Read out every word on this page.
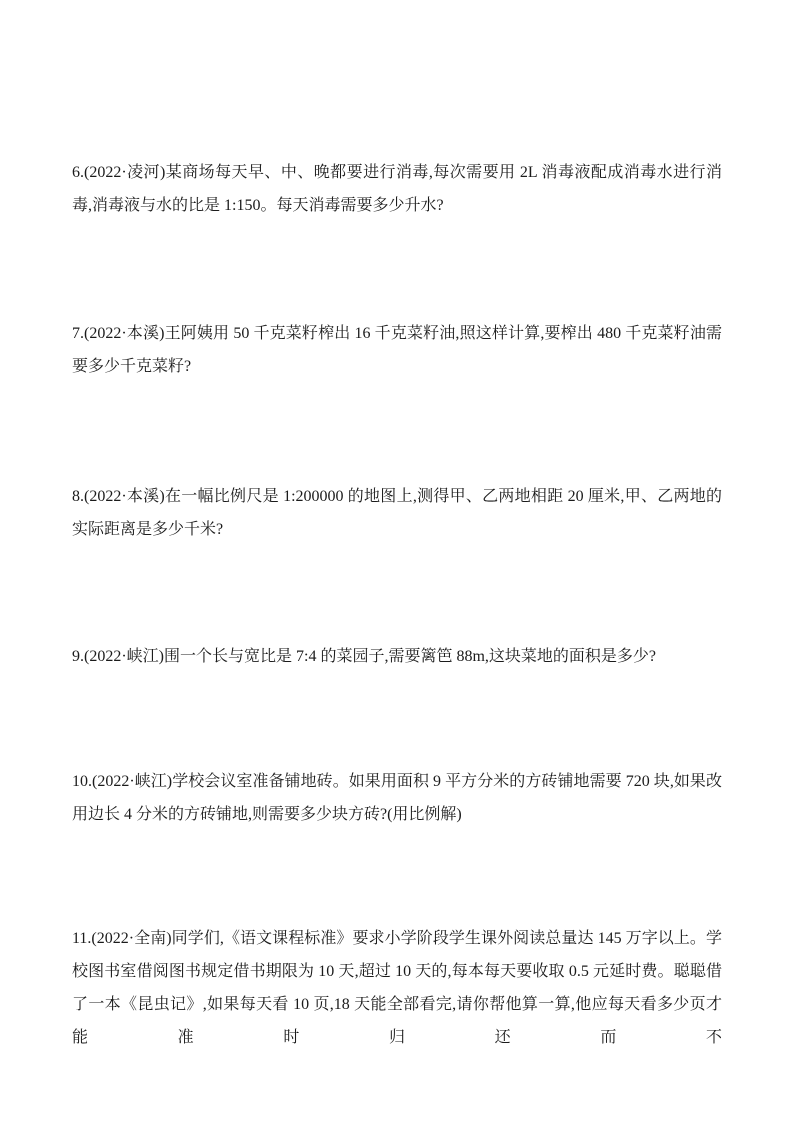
6.(2022·凌河)某商场每天早、中、晚都要进行消毒,每次需要用 2L 消毒液配成消毒水进行消毒,消毒液与水的比是 1:150。每天消毒需要多少升水?

7.(2022·本溪)王阿姨用 50 千克菜籽榨出 16 千克菜籽油,照这样计算,要榨出 480 千克菜籽油需要多少千克菜籽?

8.(2022·本溪)在一幅比例尺是 1:200000 的地图上,测得甲、乙两地相距 20 厘米,甲、乙两地的实际距离是多少千米?

9.(2022·峡江)围一个长与宽比是 7:4 的菜园子,需要篱笆 88m,这块菜地的面积是多少?

10.(2022·峡江)学校会议室准备铺地砖。如果用面积 9 平方分米的方砖铺地需要 720 块,如果改用边长 4 分米的方砖铺地,则需要多少块方砖?(用比例解)

11.(2022·全南)同学们,《语文课程标准》要求小学阶段学生课外阅读总量达 145 万字以上。学校图书室借阅图书规定借书期限为 10 天,超过 10 天的,每本每天要收取 0.5 元延时费。聪聪借了一本《昆虫记》,如果每天看 10 页,18 天能全部看完,请你帮他算一算,他应每天看多少页才能准时归还而不
